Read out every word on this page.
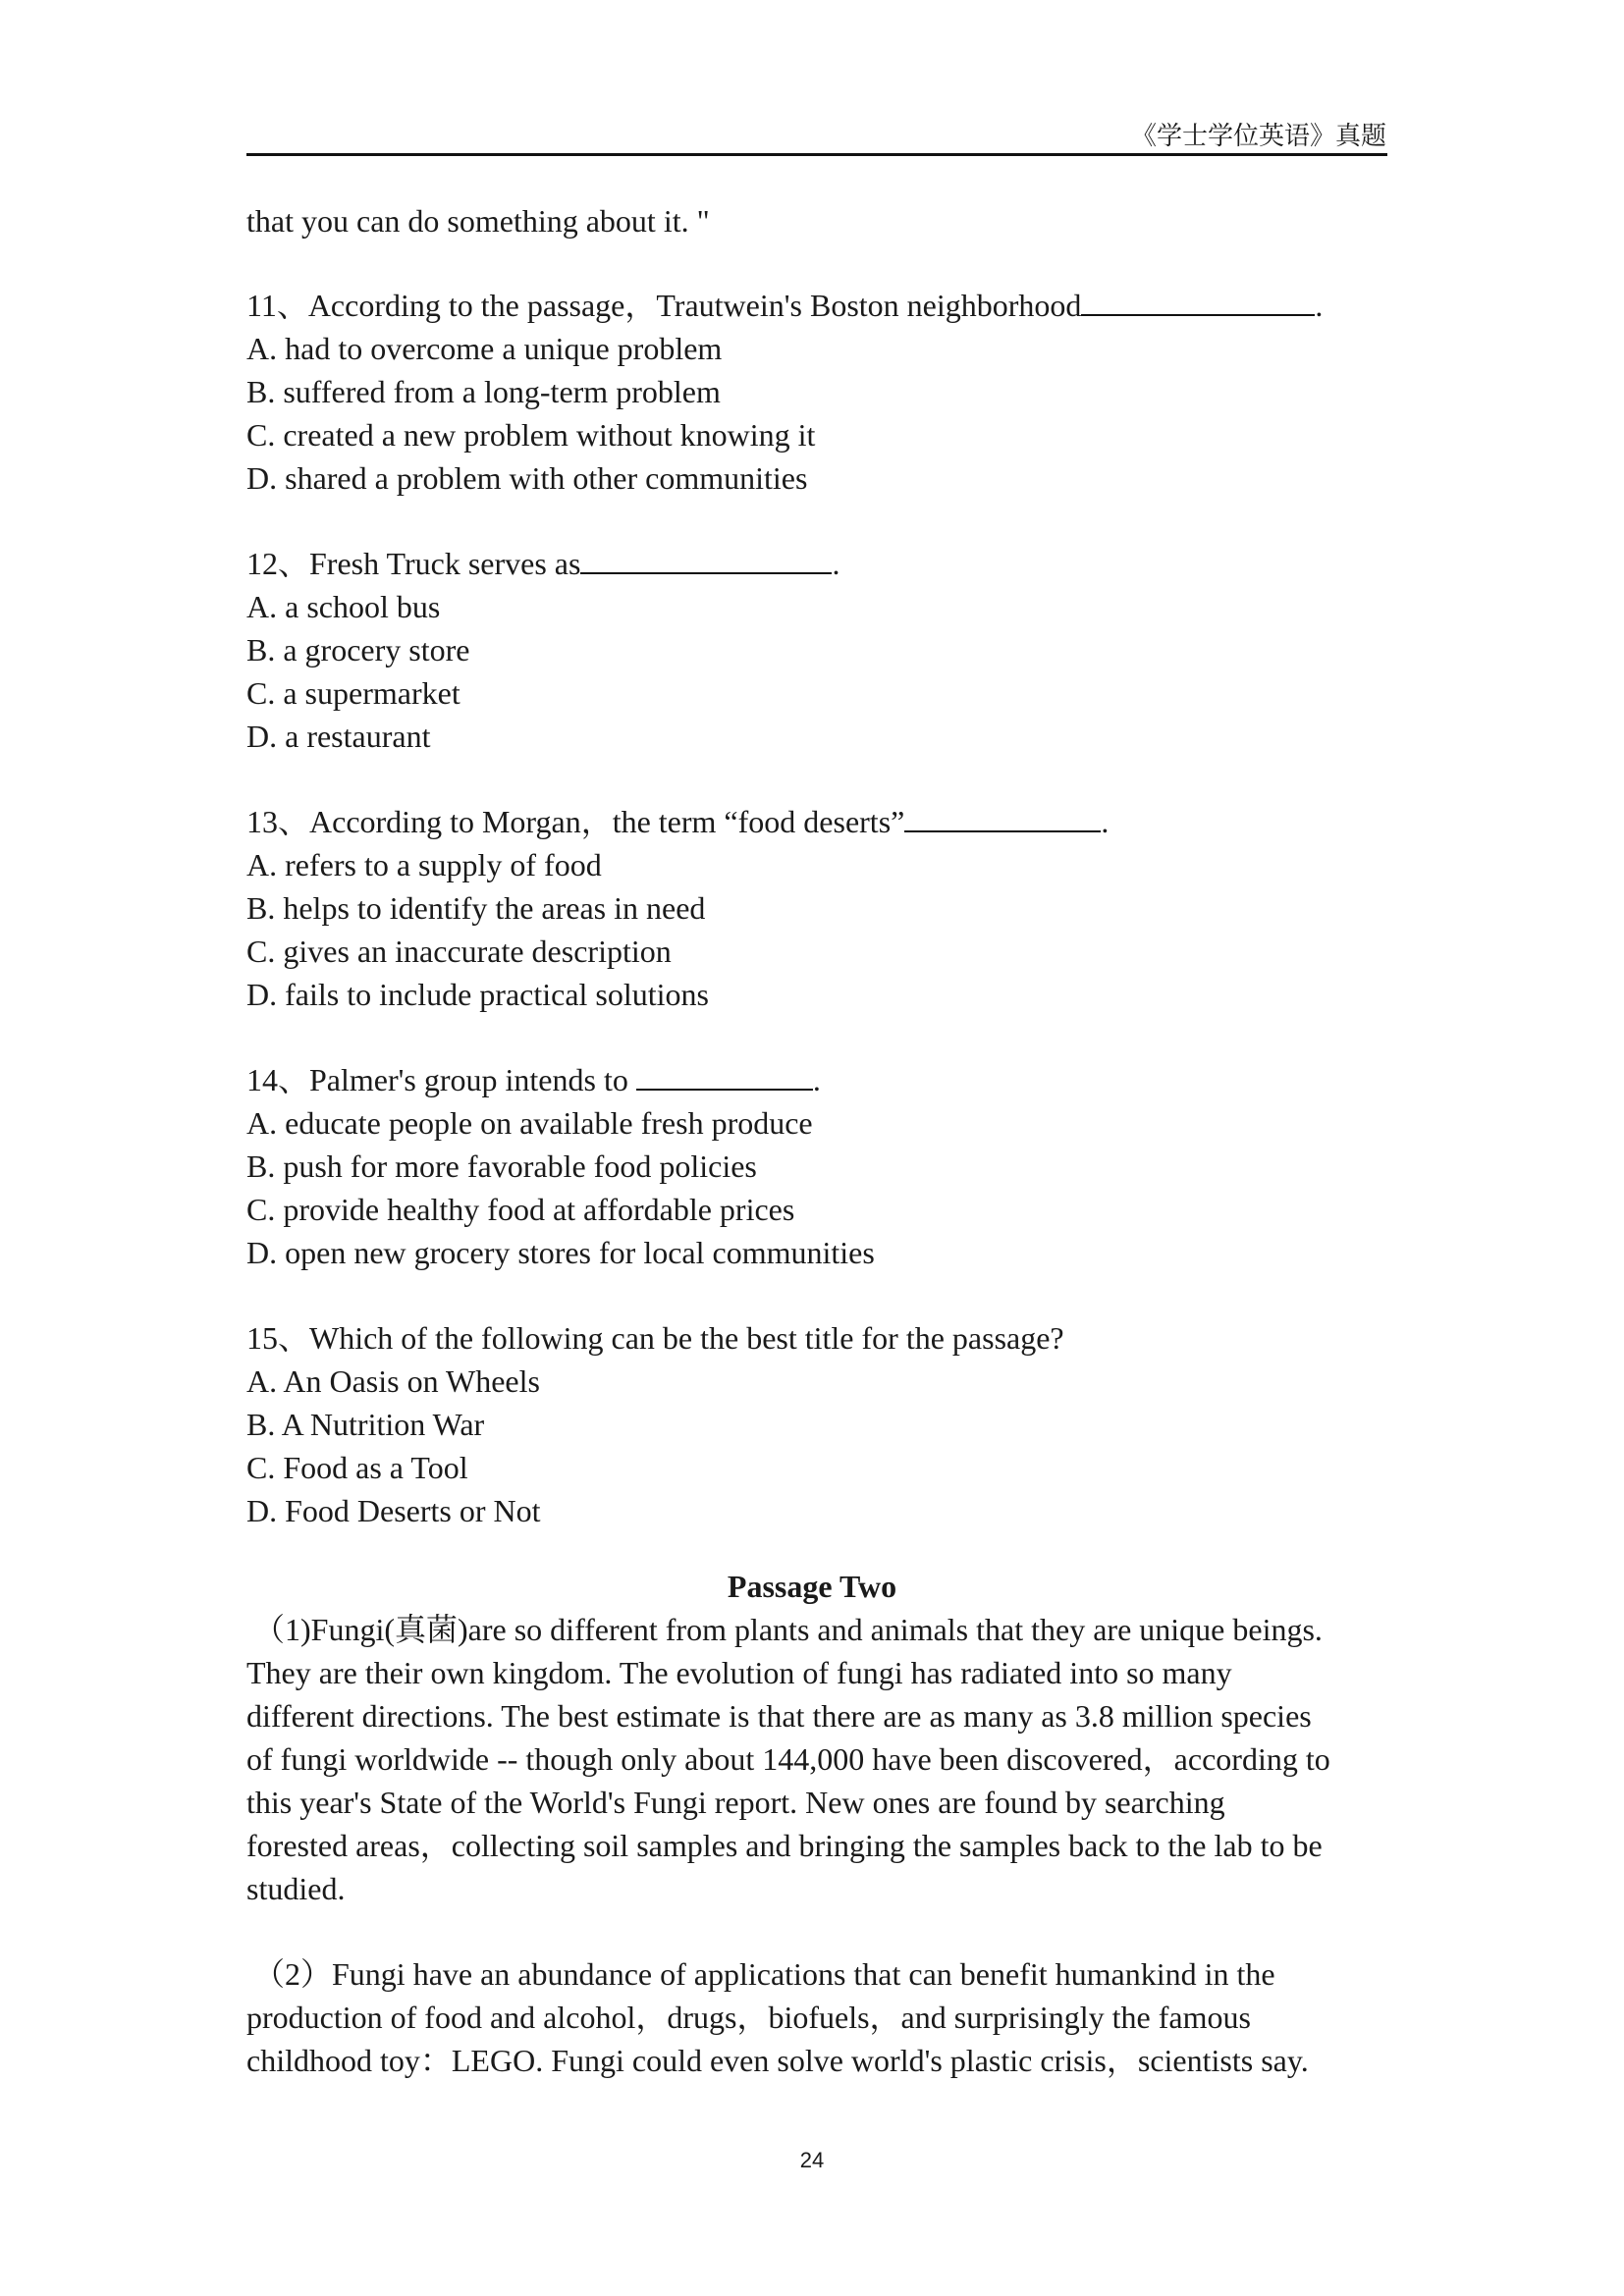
《学士学位英语》真题
that you can do something about it. "
11、According to the passage，Trautwein's Boston neighborhood	.
A. had to overcome a unique problem
B. suffered from a long-term problem
C. created a new problem without knowing it
D. shared a problem with other communities
12、Fresh Truck serves as	.
A. a school bus
B. a grocery store
C. a supermarket
D. a restaurant
13、According to Morgan，the term “food deserts”	.
A. refers to a supply of food
B. helps to identify the areas in need
C. gives an inaccurate description
D. fails to include practical solutions
14、Palmer's group intends to	.
A. educate people on available fresh produce
B. push for more favorable food policies
C. provide healthy food at affordable prices
D. open new grocery stores for local communities
15、Which of the following can be the best title for the passage?
A. An Oasis on Wheels
B. A Nutrition War
C. Food as a Tool
D. Food Deserts or Not
Passage Two
（1)Fungi(真菌)are so different from plants and animals that they are unique beings.
They are their own kingdom. The evolution of fungi has radiated into so many
different directions. The best estimate is that there are as many as 3.8 million species
of fungi worldwide -- though only about 144,000 have been discovered，according to
this year's State of the World's Fungi report. New ones are found by searching
forested areas，collecting soil samples and bringing the samples back to the lab to be
studied.
（2）Fungi have an abundance of applications that can benefit humankind in the
production of food and alcohol，drugs，biofuels，and surprisingly the famous
childhood toy：LEGO. Fungi could even solve world's plastic crisis，scientists say.
24
